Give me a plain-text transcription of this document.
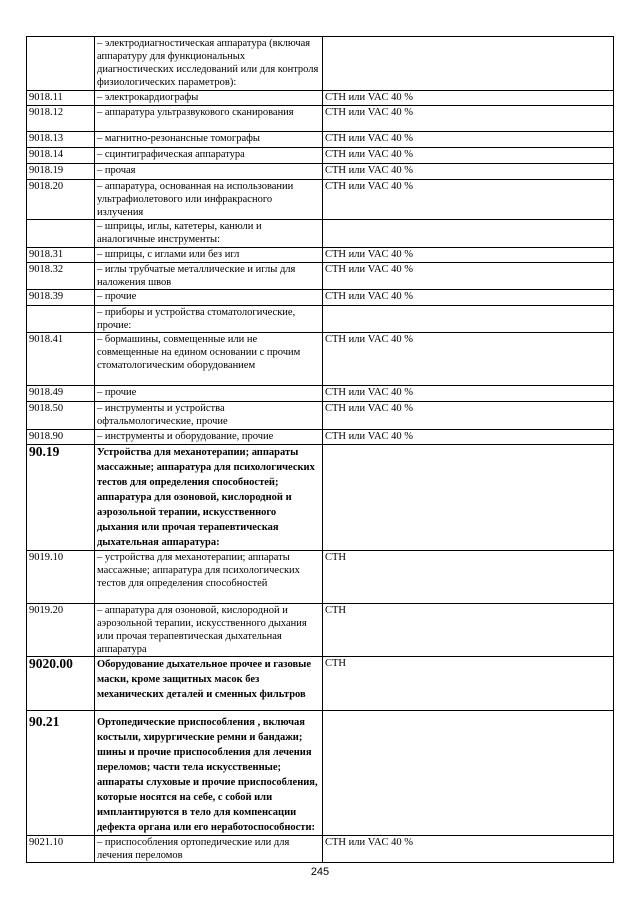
	– электродиагностическая аппаратура (включая аппаратуру для функциональных диагностических исследований или для контроля физиологических параметров):	
9018.11	– электрокардиографы	СТН или VAC 40 %
9018.12	– аппаратура ультразвукового сканирования	СТН или VAC 40 %
9018.13	– магнитно-резонансные томографы	СТН или VAC 40 %
9018.14	– сцинтиграфическая аппаратура	СТН или VAC 40 %
9018.19	– прочая	СТН или VAC 40 %
9018.20	– аппаратура, основанная на использовании ультрафиолетового или инфракрасного излучения	СТН или VAC 40 %
	– шприцы, иглы, катетеры, канюли и аналогичные инструменты:	
9018.31	– шприцы, с иглами или без игл	СТН или VAC 40 %
9018.32	– иглы трубчатые металлические и иглы для наложения швов	СТН или VAC 40 %
9018.39	– прочие	СТН или VAC 40 %
	– приборы и устройства стоматологические, прочие:	
9018.41	– бормашины, совмещенные или не совмещенные на едином основании с прочим стоматологическим оборудованием	СТН или VAC 40 %
9018.49	– прочие	СТН или VAC 40 %
9018.50	– инструменты и устройства офтальмологические, прочие	СТН или VAC 40 %
9018.90	– инструменты и оборудование, прочие	СТН или VAC 40 %
90.19	Устройства для механотерапии; аппараты массажные; аппаратура для психологических тестов для определения способностей; аппаратура для озоновой, кислородной и аэрозольной терапии, искусственного дыхания или прочая терапевтическая дыхательная аппаратура:	
9019.10	– устройства для механотерапии; аппараты массажные; аппаратура для психологических тестов для определения способностей	СТН
9019.20	– аппаратура для озоновой, кислородной и аэрозольной терапии, искусственного дыхания или прочая терапевтическая дыхательная аппаратура	СТН
9020.00	Оборудование дыхательное прочее и газовые маски, кроме защитных масок без механических деталей и сменных фильтров	СТН
90.21	Ортопедические приспособления , включая костыли, хирургические ремни и бандажи; шины и прочие приспособления для лечения переломов; части тела искусственные; аппараты слуховые и прочие приспособления, которые носятся на себе, с собой или имплантируются в тело для компенсации дефекта органа или его неработоспособности:	
9021.10	– приспособления ортопедические или для лечения переломов	СТН или VAC 40 %
245
